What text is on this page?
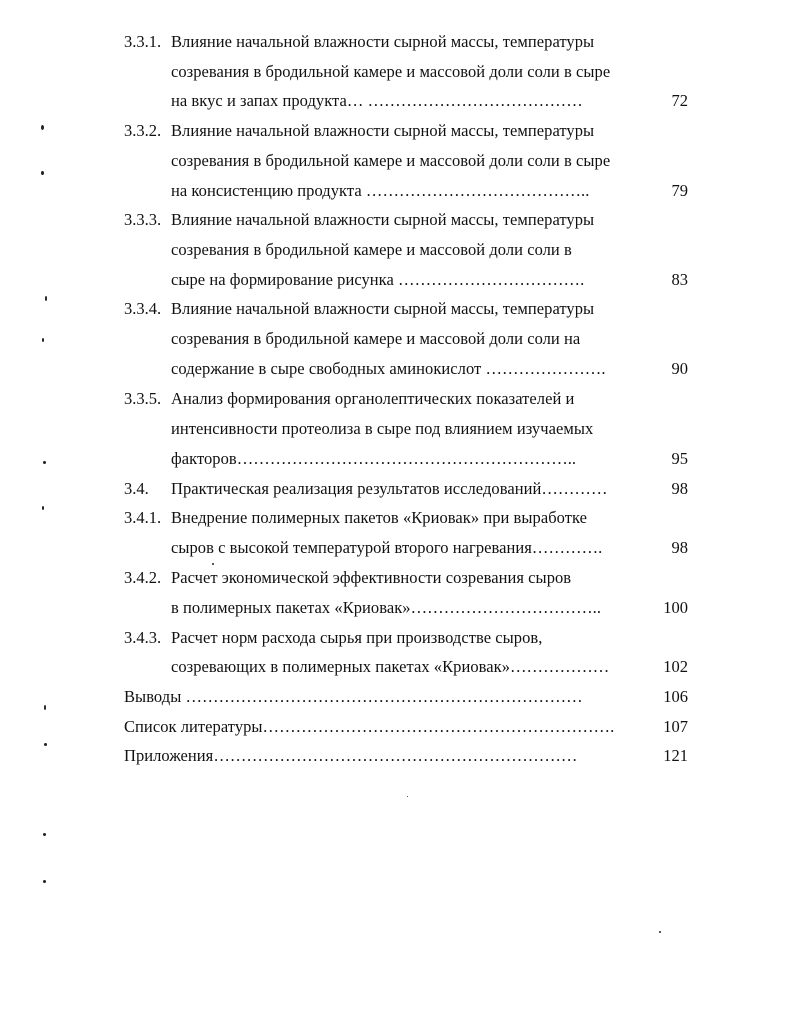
3.3.1. Влияние начальной влажности сырной массы, температуры
созревания в бродильной камере и массовой доли соли в сыре
на вкус и запах продукта… …………………………………	72
3.3.2. Влияние начальной влажности сырной массы, температуры
созревания в бродильной камере и массовой доли соли в сыре
на консистенцию продукта …………………………………..	79
3.3.3. Влияние начальной влажности сырной массы, температуры
созревания в бродильной камере и массовой доли соли в
сыре на формирование рисунка …………………………….	83
3.3.4. Влияние начальной влажности сырной массы, температуры
созревания в бродильной камере и массовой доли соли на
содержание в сыре свободных аминокислот ………………….	90
3.3.5. Анализ формирования органолептических показателей и
интенсивности протеолиза в сыре под влиянием изучаемых
факторов……………………………………………………..	95
3.4. Практическая реализация результатов исследований…………	98
3.4.1. Внедрение полимерных пакетов «Криовак» при выработке
сыров с высокой температурой второго нагревания………….	98
3.4.2. Расчет экономической эффективности созревания сыров
в полимерных пакетах «Криовак»……………………………..	100
3.4.3. Расчет норм расхода сырья при производстве сыров,
созревающих в полимерных пакетах «Криовак»………………	102
Выводы ………………………………………………………………	106
Список литературы……………………………………………………….	107
Приложения…………………………………………………………	121
